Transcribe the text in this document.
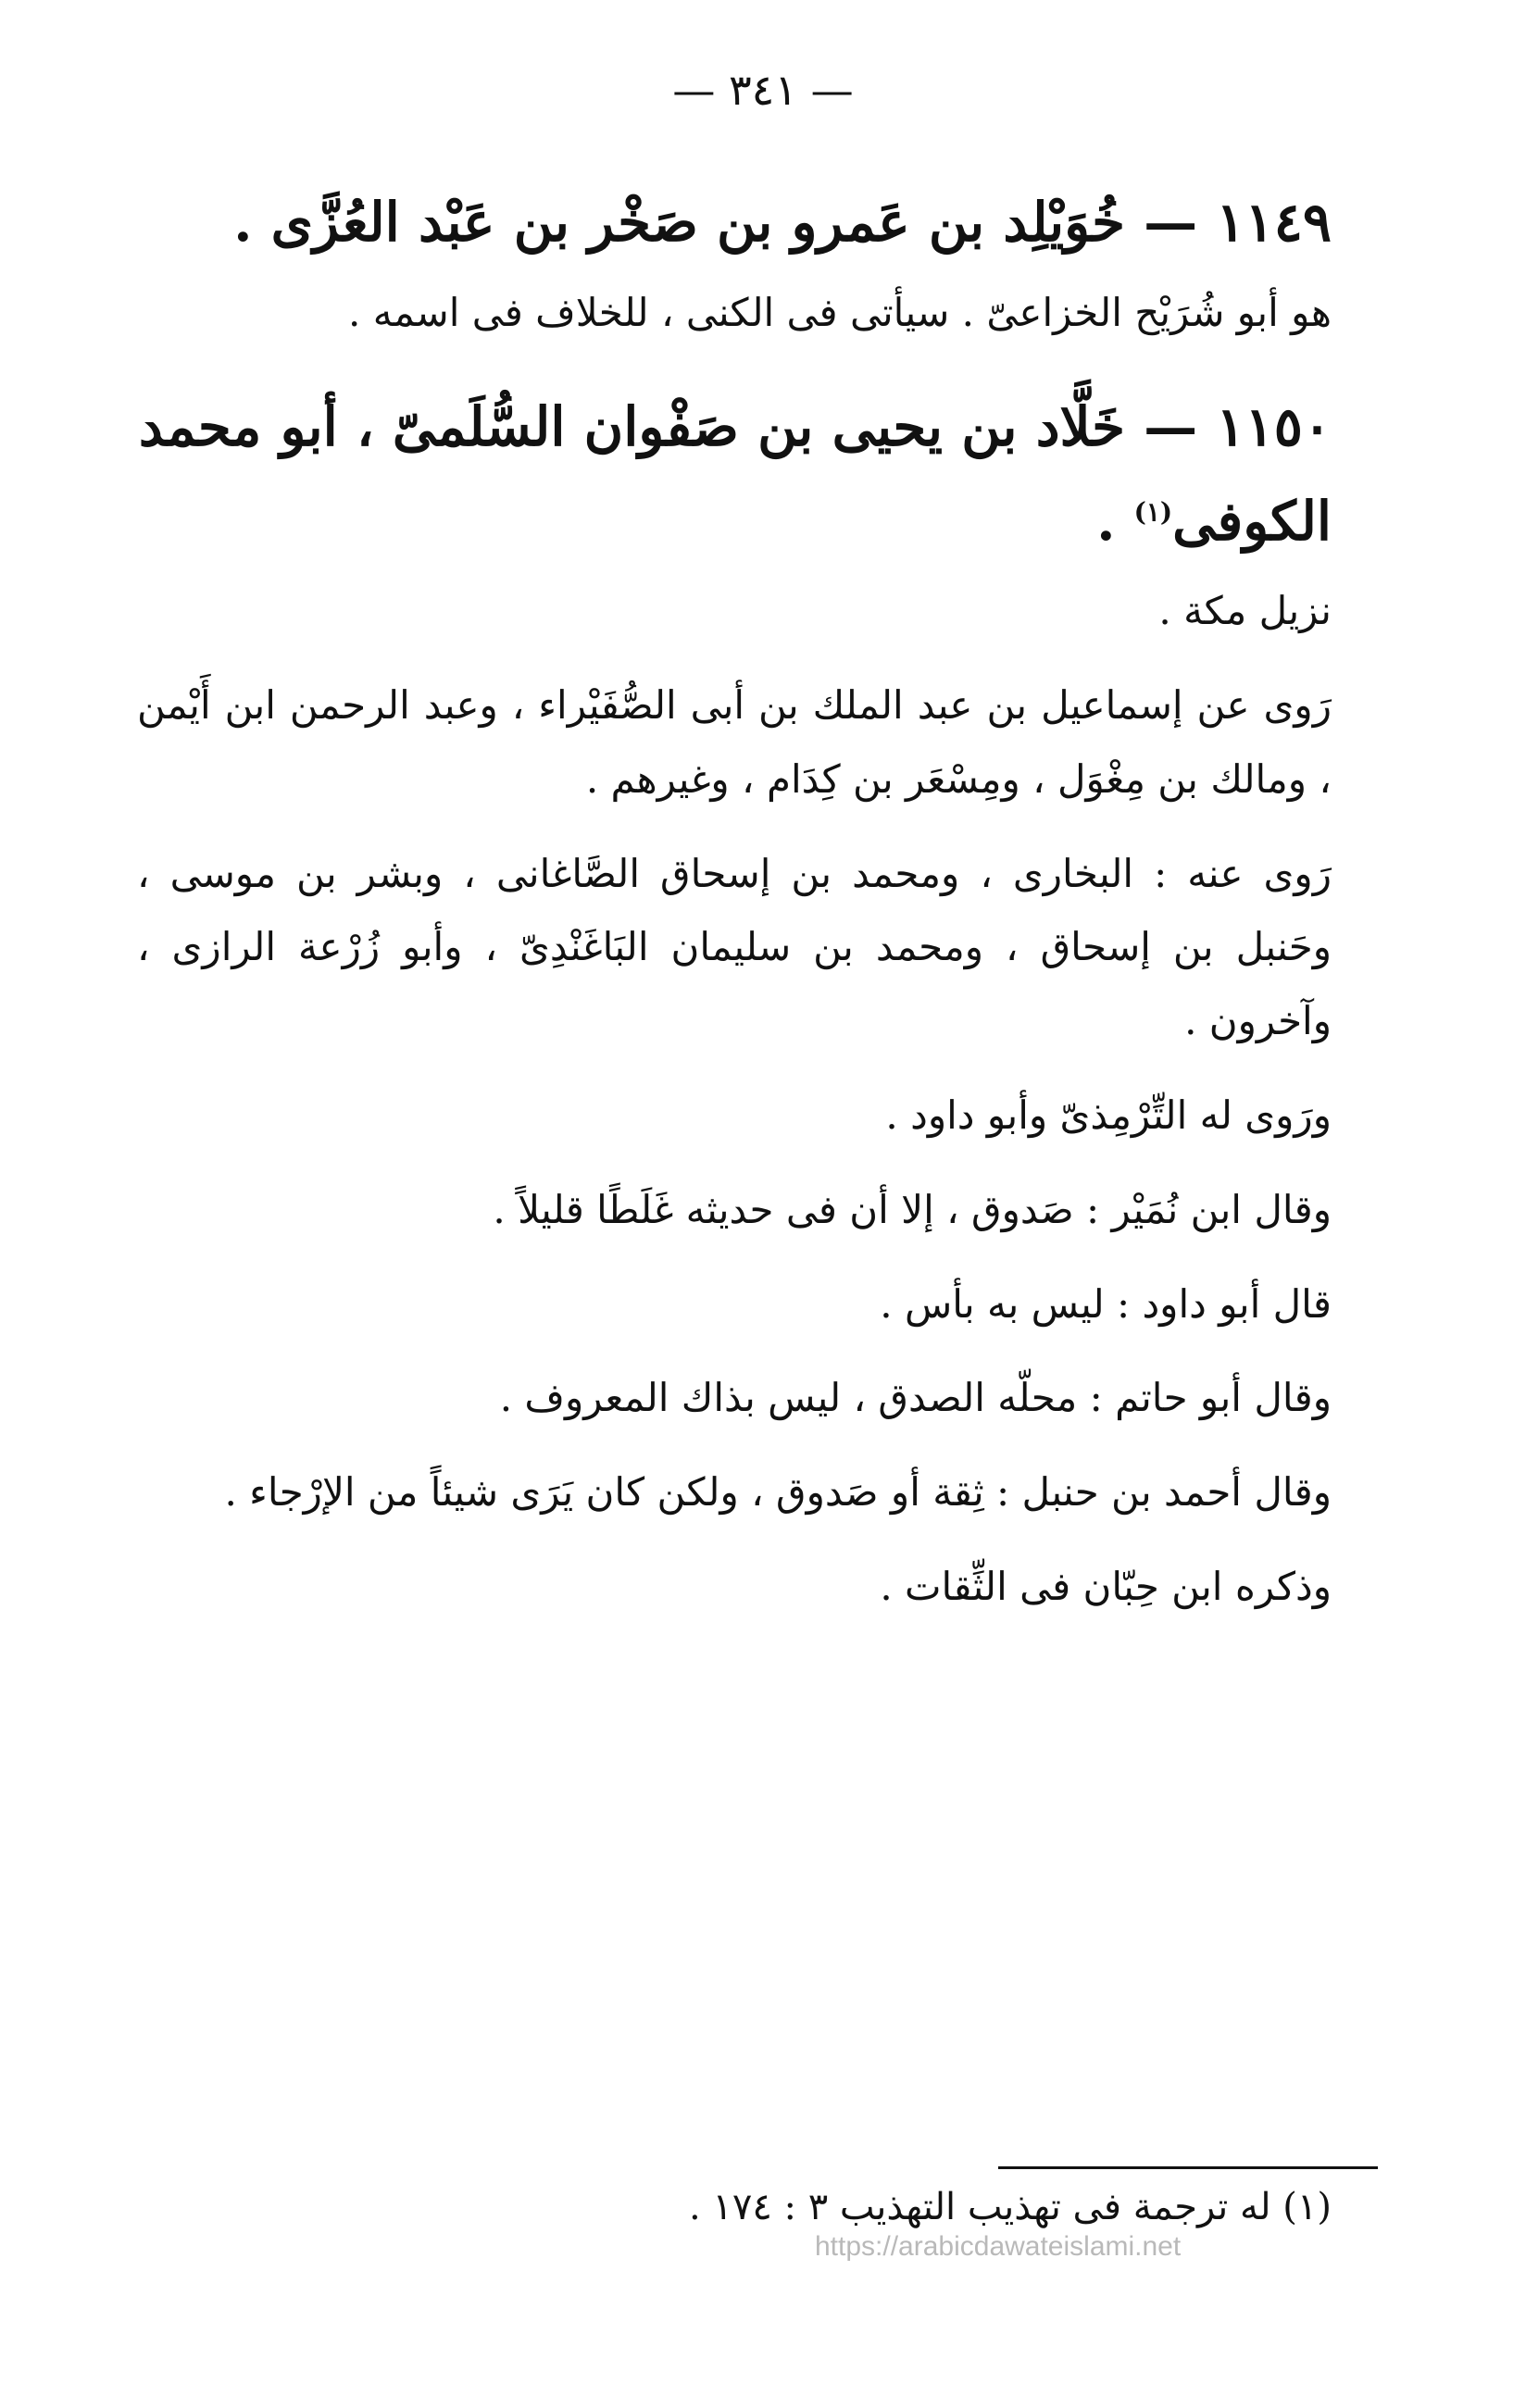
— ٣٤١ —
١١٤٩ — خُوَيْلِد بن عَمرو بن صَخْر بن عَبْد العُزَّى .

هو أبو شُرَيْح الخزاعىّ . سيأتى فى الكنى ، للخلاف فى اسمه .

١١٥٠ — خَلَّاد بن يحيى بن صَفْوان السُّلَمىّ ، أبو محمد الكوفى$^{(١)}$ .

نزيل مكة .

رَوى عن إسماعيل بن عبد الملك بن أبى الصُّفَيْراء ، وعبد الرحمن ابن أَيْمن ، ومالك بن مِغْوَل ، ومِسْعَر بن كِدَام ، وغيرهم .

رَوى عنه : البخارى ، ومحمد بن إسحاق الصَّاغانى ، وبشر بن موسى ، وحَنبل بن إسحاق ، ومحمد بن سليمان البَاغَنْدِىّ ، وأبو زُرْعة الرازى ، وآخرون .

ورَوى له التِّرْمِذىّ وأبو داود .

وقال ابن نُمَيْر : صَدوق ، إلا أن فى حديثه غَلَطًا قليلاً .

قال أبو داود : ليس به بأس .

وقال أبو حاتم : محلّه الصدق ، ليس بذاك المعروف .

وقال أحمد بن حنبل : ثِقة أو صَدوق ، ولكن كان يَرَى شيئاً من الإرْجاء .

وذكره ابن حِبّان فى الثِّقات .

(١) له ترجمة فى تهذيب التهذيب ٣ : ١٧٤ .
https://arabicdawateislami.net
